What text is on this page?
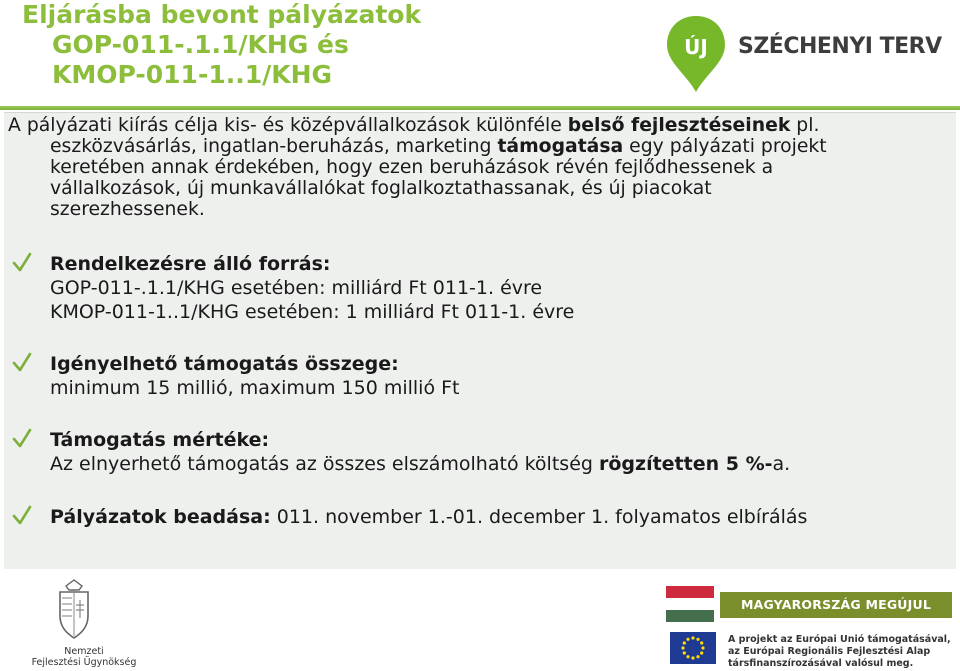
Eljárásba bevont pályázatok
GOP-011-.1.1/KHG és
KMOP-011-1..1/KHG
ÚJ SZÉCHENYI TERV

A pályázati kiírás célja kis- és középvállalkozások különféle belső fejlesztéseinek pl.
eszközvásárlás, ingatlan-beruházás, marketing támogatása egy pályázati projekt
keretében annak érdekében, hogy ezen beruházások révén fejlődhessenek a
vállalkozások, új munkavállalókat foglalkoztathassanak, és új piacokat
szerezhessenek.

Rendelkezésre álló forrás:
GOP-011-.1.1/KHG esetében: milliárd Ft 011-1. évre
KMOP-011-1..1/KHG esetében: 1 milliárd Ft 011-1. évre
Igényelhető támogatás összege:
minimum 15 millió, maximum 150 millió Ft
Támogatás mértéke:
Az elnyerhető támogatás az összes elszámolható költség rögzítetten 5 %-a.
Pályázatok beadása: 011. november 1.-01. december 1. folyamatos elbírálás
Nemzeti
Fejlesztési Ügynökség
MAGYARORSZÁG MEGÚJUL
A projekt az Európai Unió támogatásával,
az Európai Regionális Fejlesztési Alap
társfinanszírozásával valósul meg.
